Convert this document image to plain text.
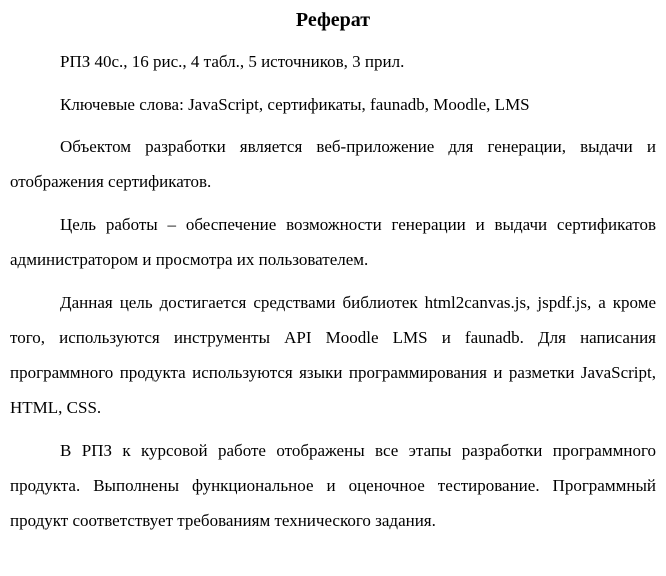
Реферат

РПЗ 40с., 16 рис., 4 табл., 5 источников, 3 прил.

Ключевые слова: JavaScript, сертификаты, faunadb, Moodle, LMS

Объектом разработки является веб-приложение для генерации, выдачи и отображения сертификатов.

Цель работы – обеспечение возможности генерации и выдачи сертификатов администратором и просмотра их пользователем.

Данная цель достигается средствами библиотек html2canvas.js, jspdf.js, а кроме того, используются инструменты API Moodle LMS и faunadb. Для написания программного продукта используются языки программирования и разметки JavaScript, HTML, CSS.

В РПЗ к курсовой работе отображены все этапы разработки программного продукта. Выполнены функциональное и оценочное тестирование. Программный продукт соответствует требованиям технического задания.
